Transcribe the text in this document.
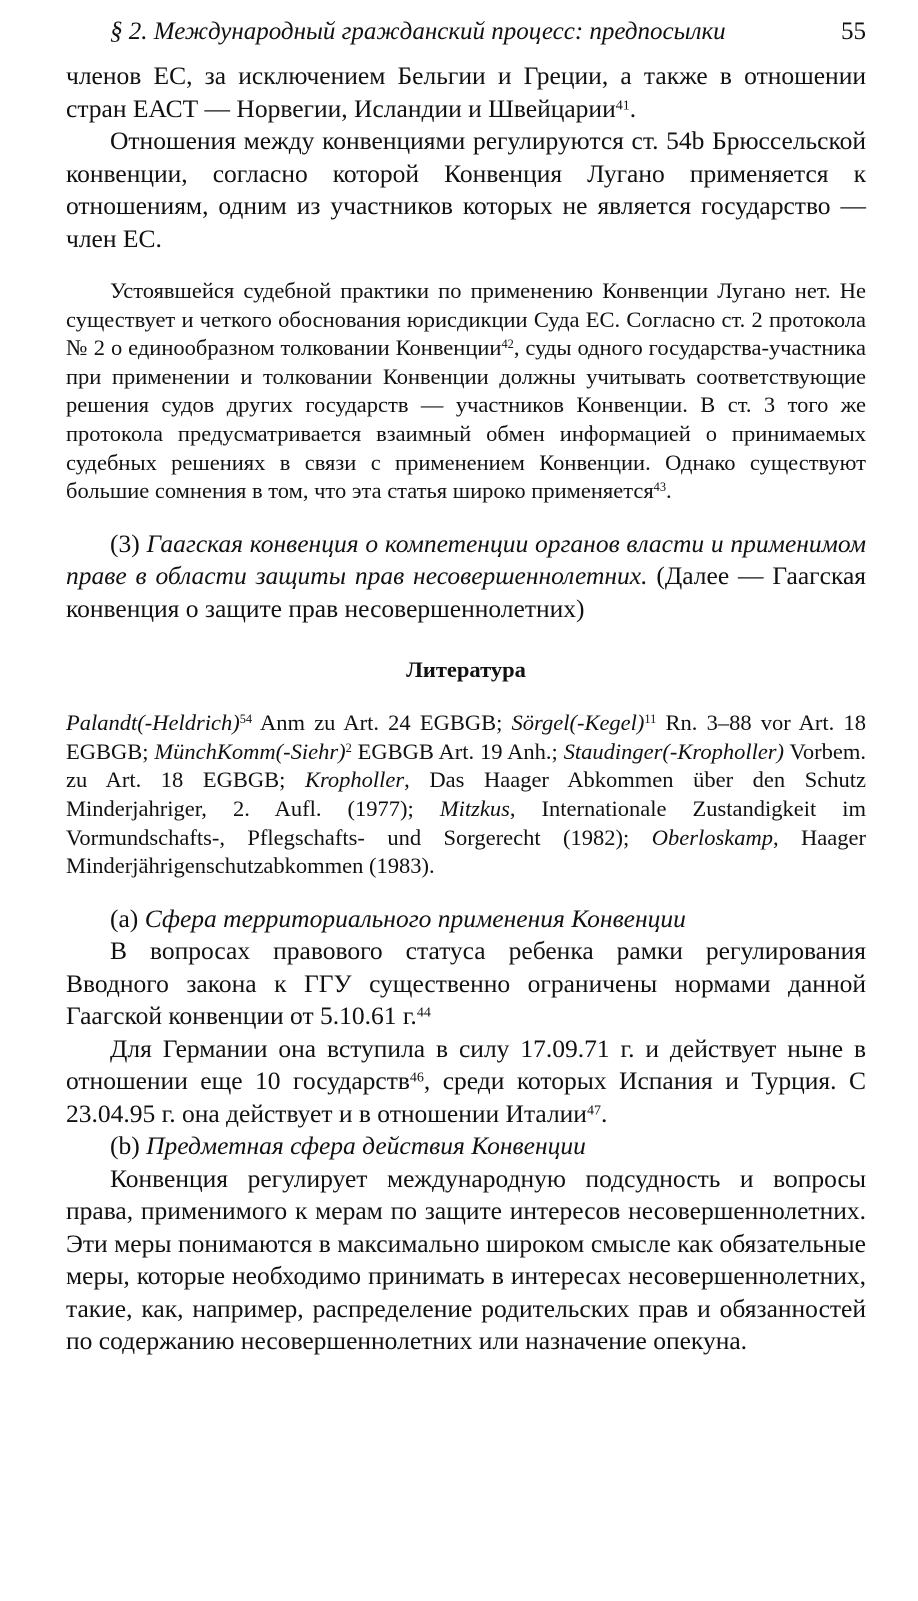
§ 2. Международный гражданский процесс: предпосылки	55

членов ЕС, за исключением Бельгии и Греции, а также в отношении стран ЕАСТ — Норвегии, Исландии и Швейцарии$^{41}$.

Отношения между конвенциями регулируются ст. 54b Брюссельской конвенции, согласно которой Конвенция Лугано применяется к отношениям, одним из участников которых не является государство — член ЕС.

Устоявшейся судебной практики по применению Конвенции Лугано нет. Не существует и четкого обоснования юрисдикции Суда ЕС. Согласно ст. 2 протокола № 2 о единообразном толковании Конвенции$^{42}$, суды одного государства-участника при применении и толковании Конвенции должны учитывать соответствующие решения судов других государств — участников Конвенции. В ст. 3 того же протокола предусматривается взаимный обмен информацией о принимаемых судебных решениях в связи с применением Конвенции. Однако существуют большие сомнения в том, что эта статья широко применяется$^{43}$.

(3) Гаагская конвенция о компетенции органов власти и применимом праве в области защиты прав несовершеннолетних. (Далее — Гаагская конвенция о защите прав несовершеннолетних)

Литература

Palandt(-Heldrich)$^{54}$ Anm zu Art. 24 EGBGB; Sörgel(-Kegel)$^{11}$ Rn. 3–88 vor Art. 18 EGBGB; MünchKomm(-Siehr)$^2$ EGBGB Art. 19 Anh.; Staudinger(-Kropholler) Vorbem. zu Art. 18 EGBGB; Kropholler, Das Haager Abkommen über den Schutz Minderjahriger, 2. Aufl. (1977); Mitzkus, Internationale Zustandigkeit im Vormundschafts-, Pflegschafts- und Sorgerecht (1982); Oberloskamp, Haager Minderjährigenschutzabkommen (1983).

(a) Сфера территориального применения Конвенции

В вопросах правового статуса ребенка рамки регулирования Вводного закона к ГГУ существенно ограничены нормами данной Гаагской конвенции от 5.10.61 г.$^{44}$

Для Германии она вступила в силу 17.09.71 г. и действует ныне в отношении еще 10 государств$^{46}$, среди которых Испания и Турция. С 23.04.95 г. она действует и в отношении Италии$^{47}$.

(b) Предметная сфера действия Конвенции

Конвенция регулирует международную подсудность и вопросы права, применимого к мерам по защите интересов несовершеннолетних. Эти меры понимаются в максимально широком смысле как обязательные меры, которые необходимо принимать в интересах несовершеннолетних, такие, как, например, распределение родительских прав и обязанностей по содержанию несовершеннолетних или назначение опекуна.
